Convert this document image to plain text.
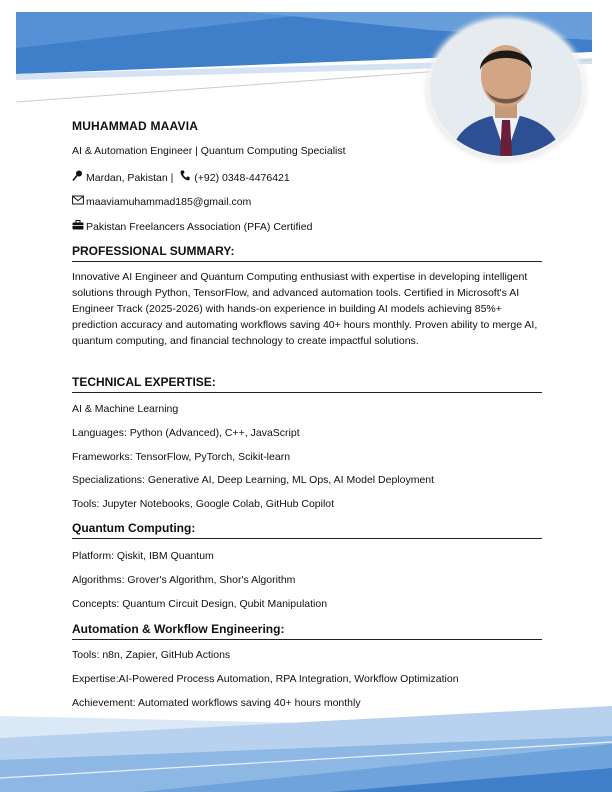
MUHAMMAD MAAVIA
AI & Automation Engineer | Quantum Computing Specialist
Mardan, Pakistan | (+92) 0348-4476421
maaviamuhammad185@gmail.com
Pakistan Freelancers Association (PFA) Certified
PROFESSIONAL SUMMARY:
Innovative AI Engineer and Quantum Computing enthusiast with expertise in developing intelligent solutions through Python, TensorFlow, and advanced automation tools. Certified in Microsoft's AI Engineer Track (2025-2026) with hands-on experience in building AI models achieving 85%+ prediction accuracy and automating workflows saving 40+ hours monthly. Proven ability to merge AI, quantum computing, and financial technology to create impactful solutions.
TECHNICAL EXPERTISE:
AI & Machine Learning
Languages: Python (Advanced), C++, JavaScript
Frameworks: TensorFlow, PyTorch, Scikit-learn
Specializations: Generative AI, Deep Learning, ML Ops, AI Model Deployment
Tools: Jupyter Notebooks, Google Colab, GitHub Copilot
Quantum Computing:
Platform: Qiskit, IBM Quantum
Algorithms: Grover's Algorithm, Shor's Algorithm
Concepts: Quantum Circuit Design, Qubit Manipulation
Automation & Workflow Engineering:
Tools: n8n, Zapier, GitHub Actions
Expertise:AI-Powered Process Automation, RPA Integration, Workflow Optimization
Achievement: Automated workflows saving 40+ hours monthly
